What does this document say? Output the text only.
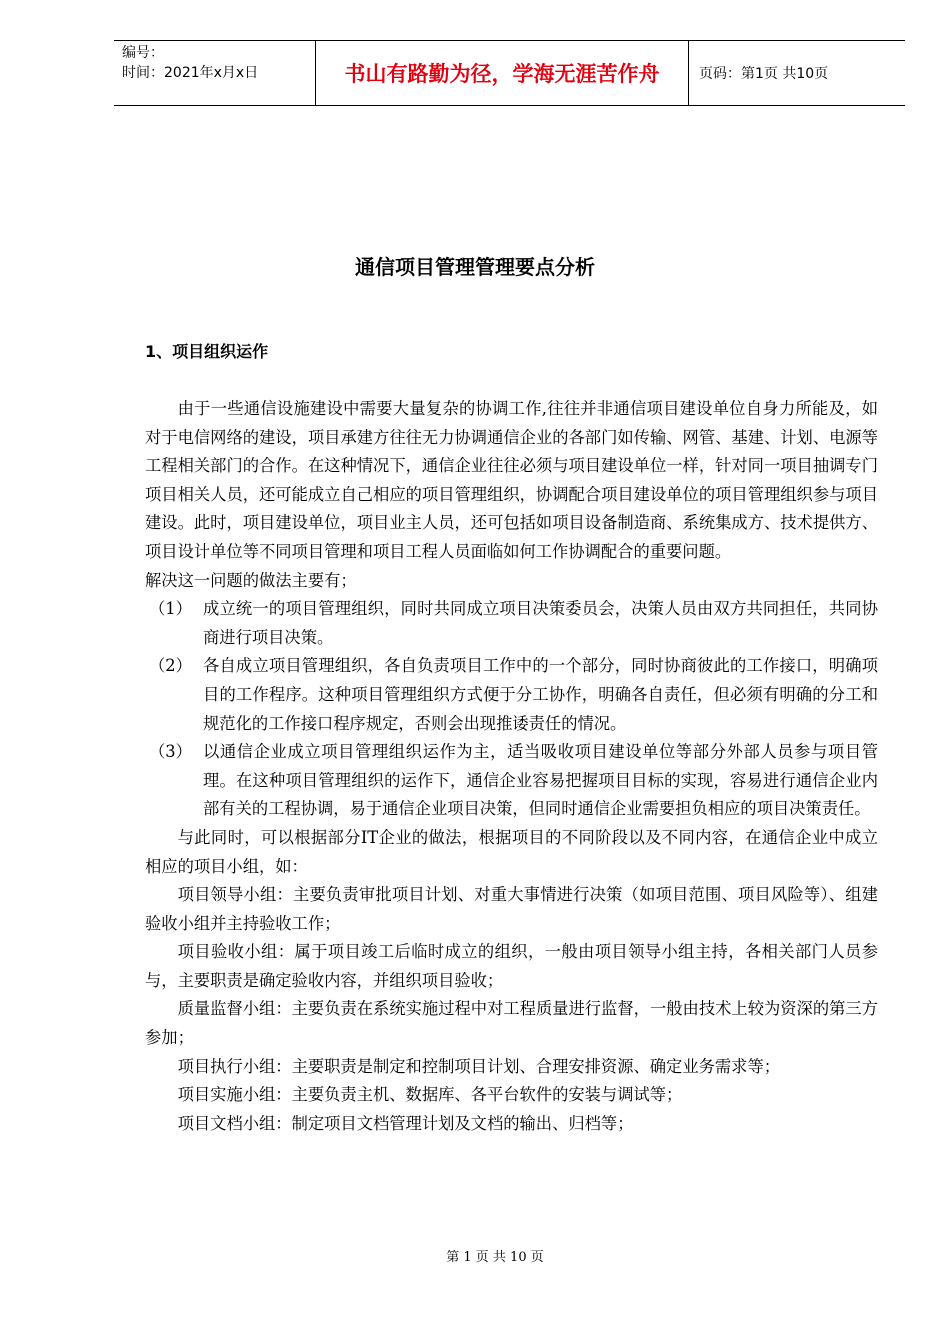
编号：
时间：2021年x月x日	书山有路勤为径，学海无涯苦作舟	页码：第1页 共10页
通信项目管理管理要点分析
1、项目组织运作

由于一些通信设施建设中需要大量复杂的协调工作,往往并非通信项目建设单位自身力所能及，如对于电信网络的建设，项目承建方往往无力协调通信企业的各部门如传输、网管、基建、计划、电源等工程相关部门的合作。在这种情况下，通信企业往往必须与项目建设单位一样，针对同一项目抽调专门项目相关人员，还可能成立自己相应的项目管理组织，协调配合项目建设单位的项目管理组织参与项目建设。此时，项目建设单位，项目业主人员，还可包括如项目设备制造商、系统集成方、技术提供方、项目设计单位等不同项目管理和项目工程人员面临如何工作协调配合的重要问题。

解决这一问题的做法主要有；

（1） 成立统一的项目管理组织，同时共同成立项目决策委员会，决策人员由双方共同担任，共同协商进行项目决策。
（2） 各自成立项目管理组织，各自负责项目工作中的一个部分，同时协商彼此的工作接口，明确项目的工作程序。这种项目管理组织方式便于分工协作，明确各自责任，但必须有明确的分工和规范化的工作接口程序规定，否则会出现推诿责任的情况。
（3） 以通信企业成立项目管理组织运作为主，适当吸收项目建设单位等部分外部人员参与项目管理。在这种项目管理组织的运作下，通信企业容易把握项目目标的实现，容易进行通信企业内部有关的工程协调，易于通信企业项目决策，但同时通信企业需要担负相应的项目决策责任。

与此同时，可以根据部分IT企业的做法，根据项目的不同阶段以及不同内容，在通信企业中成立相应的项目小组，如：

项目领导小组：主要负责审批项目计划、对重大事情进行决策（如项目范围、项目风险等）、组建验收小组并主持验收工作；

项目验收小组：属于项目竣工后临时成立的组织，一般由项目领导小组主持，各相关部门人员参与，主要职责是确定验收内容，并组织项目验收；

质量监督小组：主要负责在系统实施过程中对工程质量进行监督，一般由技术上较为资深的第三方参加；

项目执行小组：主要职责是制定和控制项目计划、合理安排资源、确定业务需求等；

项目实施小组：主要负责主机、数据库、各平台软件的安装与调试等；

项目文档小组：制定项目文档管理计划及文档的输出、归档等；

第 1 页 共 10 页
